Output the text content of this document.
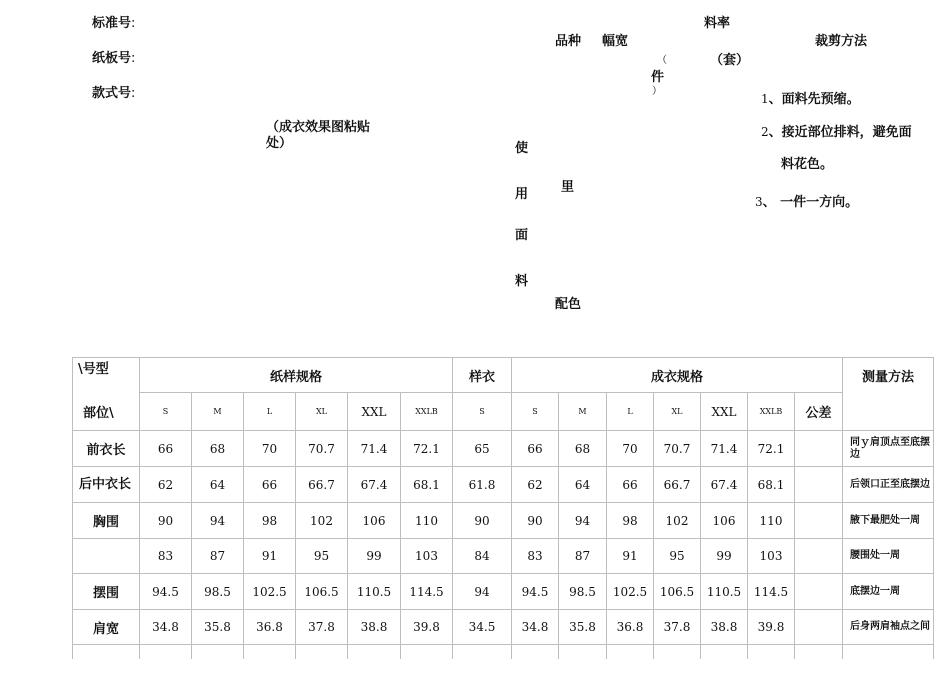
标准号:
纸板号:
款式号:
（成衣效果图粘贴处）
品种 幅宽
料率
（套）
（
件
）
使
用
面
料
里
配色
裁剪方法
1、面料先预缩。
2、接近部位排料，避免面
料花色。
3、 一件一方向。
\号型	纸样规格						样衣	成衣规格							测量方法
部位\	S	M	L	XL	XXL	XXLB	S	S	M	L	XL	XXL	XXLB	公差	
前衣长	66	68	70	70.7	71.4	72.1	65	66	68	70	70.7	71.4	72.1		同ｙ肩顶点至底摆边
后中衣长	62	64	66	66.7	67.4	68.1	61.8	62	64	66	66.7	67.4	68.1		后领口正至底摆边
胸围	90	94	98	102	106	110	90	90	94	98	102	106	110		腋下最肥处一周
	83	87	91	95	99	103	84	83	87	91	95	99	103		腰围处一周
摆围	94.5	98.5	102.5	106.5	110.5	114.5	94	94.5	98.5	102.5	106.5	110.5	114.5		底摆边一周
肩宽	34.8	35.8	36.8	37.8	38.8	39.8	34.5	34.8	35.8	36.8	37.8	38.8	39.8		后身两肩袖点之间
